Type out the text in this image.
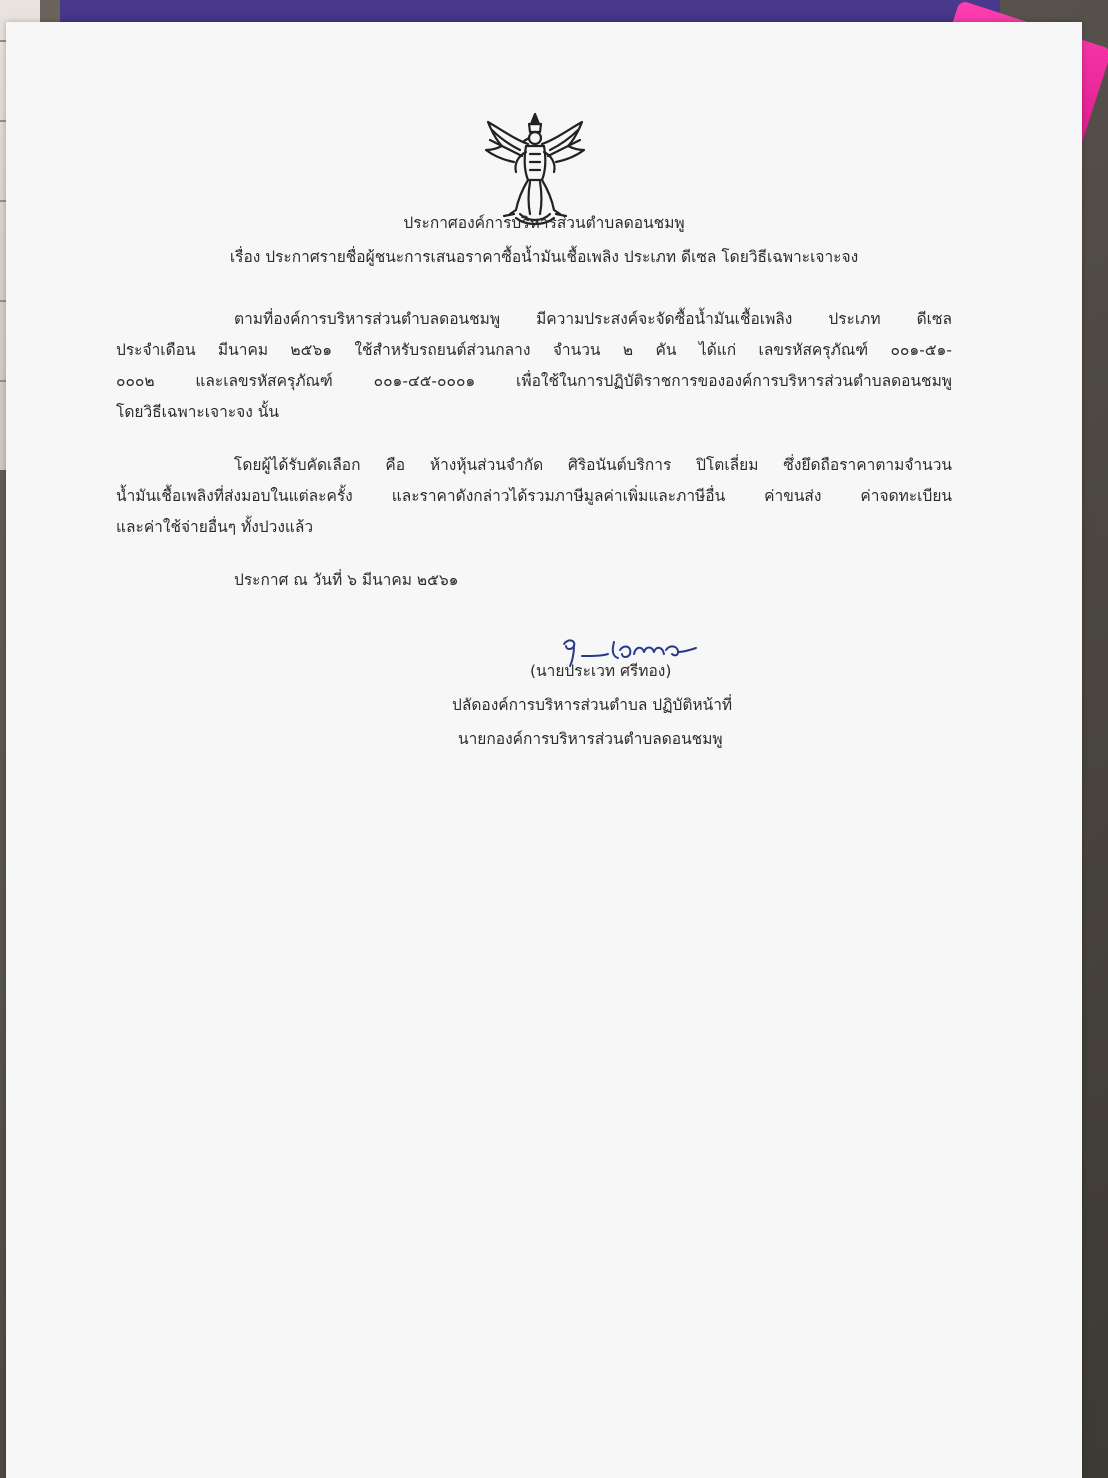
ประกาศองค์การบริหารส่วนตำบลดอนชมพู
เรื่อง ประกาศรายชื่อผู้ชนะการเสนอราคาซื้อน้ำมันเชื้อเพลิง ประเภท ดีเซล โดยวิธีเฉพาะเจาะจง
ตามที่องค์การบริหารส่วนตำบลดอนชมพู มีความประสงค์จะจัดซื้อน้ำมันเชื้อเพลิง ประเภท ดีเซล
ประจำเดือน มีนาคม ๒๕๖๑ ใช้สำหรับรถยนต์ส่วนกลาง จำนวน ๒ คัน ได้แก่ เลขรหัสครุภัณฑ์ ๐๐๑-๕๑-
๐๐๐๒ และเลขรหัสครุภัณฑ์ ๐๐๑-๔๕-๐๐๐๑ เพื่อใช้ในการปฏิบัติราชการขององค์การบริหารส่วนตำบลดอนชมพู
โดยวิธีเฉพาะเจาะจง นั้น
โดยผู้ได้รับคัดเลือก คือ ห้างหุ้นส่วนจำกัด ศิริอนันต์บริการ ปิโตเลี่ยม ซึ่งยึดถือราคาตามจำนวน
น้ำมันเชื้อเพลิงที่ส่งมอบในแต่ละครั้ง และราคาดังกล่าวได้รวมภาษีมูลค่าเพิ่มและภาษีอื่น ค่าขนส่ง ค่าจดทะเบียน
และค่าใช้จ่ายอื่นๆ ทั้งปวงแล้ว
ประกาศ ณ วันที่ ๖ มีนาคม ๒๕๖๑
(นายประเวท ศรีทอง)
ปลัดองค์การบริหารส่วนตำบล ปฏิบัติหน้าที่
นายกองค์การบริหารส่วนตำบลดอนชมพู
